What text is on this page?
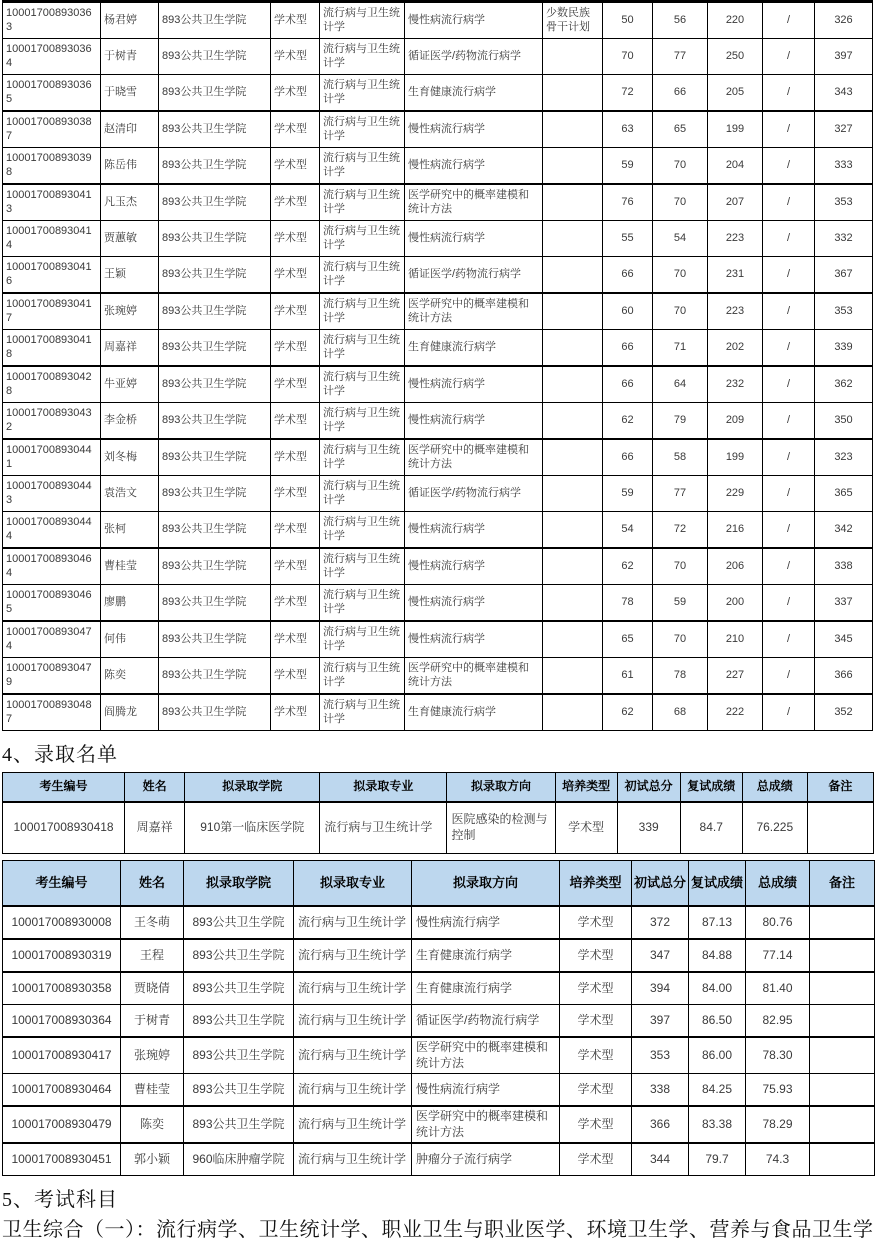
100017008930363	杨君婷	893公共卫生学院	学术型	流行病与卫生统计学	慢性病流行病学	少数民族骨干计划	50	56	220	/	326
100017008930364	于树青	893公共卫生学院	学术型	流行病与卫生统计学	循证医学/药物流行病学		70	77	250	/	397
100017008930365	于晓雪	893公共卫生学院	学术型	流行病与卫生统计学	生育健康流行病学		72	66	205	/	343
100017008930387	赵清印	893公共卫生学院	学术型	流行病与卫生统计学	慢性病流行病学		63	65	199	/	327
100017008930398	陈岳伟	893公共卫生学院	学术型	流行病与卫生统计学	慢性病流行病学		59	70	204	/	333
100017008930413	凡玉杰	893公共卫生学院	学术型	流行病与卫生统计学	医学研究中的概率建模和统计方法		76	70	207	/	353
100017008930414	贾蕙敏	893公共卫生学院	学术型	流行病与卫生统计学	慢性病流行病学		55	54	223	/	332
100017008930416	王颖	893公共卫生学院	学术型	流行病与卫生统计学	循证医学/药物流行病学		66	70	231	/	367
100017008930417	张琬婷	893公共卫生学院	学术型	流行病与卫生统计学	医学研究中的概率建模和统计方法		60	70	223	/	353
100017008930418	周嘉祥	893公共卫生学院	学术型	流行病与卫生统计学	生育健康流行病学		66	71	202	/	339
100017008930428	牛亚婷	893公共卫生学院	学术型	流行病与卫生统计学	慢性病流行病学		66	64	232	/	362
100017008930432	李金桥	893公共卫生学院	学术型	流行病与卫生统计学	慢性病流行病学		62	79	209	/	350
100017008930441	刘冬梅	893公共卫生学院	学术型	流行病与卫生统计学	医学研究中的概率建模和统计方法		66	58	199	/	323
100017008930443	袁浩文	893公共卫生学院	学术型	流行病与卫生统计学	循证医学/药物流行病学		59	77	229	/	365
100017008930444	张柯	893公共卫生学院	学术型	流行病与卫生统计学	慢性病流行病学		54	72	216	/	342
100017008930464	曹桂莹	893公共卫生学院	学术型	流行病与卫生统计学	慢性病流行病学		62	70	206	/	338
100017008930465	廖鹏	893公共卫生学院	学术型	流行病与卫生统计学	慢性病流行病学		78	59	200	/	337
100017008930474	何伟	893公共卫生学院	学术型	流行病与卫生统计学	慢性病流行病学		65	70	210	/	345
100017008930479	陈奕	893公共卫生学院	学术型	流行病与卫生统计学	医学研究中的概率建模和统计方法		61	78	227	/	366
100017008930487	阎腾龙	893公共卫生学院	学术型	流行病与卫生统计学	生育健康流行病学		62	68	222	/	352
4、录取名单
考生编号	姓名	拟录取学院	拟录取专业	拟录取方向	培养类型	初试总分	复试成绩	总成绩	备注
100017008930418	周嘉祥	910第一临床医学院	流行病与卫生统计学	医院感染的检测与控制	学术型	339	84.7	76.225	
考生编号	姓名	拟录取学院	拟录取专业	拟录取方向	培养类型	初试总分	复试成绩	总成绩	备注
100017008930008	王冬萌	893公共卫生学院	流行病与卫生统计学	慢性病流行病学	学术型	372	87.13	80.76	
100017008930319	王程	893公共卫生学院	流行病与卫生统计学	生育健康流行病学	学术型	347	84.88	77.14	
100017008930358	贾晓倩	893公共卫生学院	流行病与卫生统计学	生育健康流行病学	学术型	394	84.00	81.40	
100017008930364	于树青	893公共卫生学院	流行病与卫生统计学	循证医学/药物流行病学	学术型	397	86.50	82.95	
100017008930417	张琬婷	893公共卫生学院	流行病与卫生统计学	医学研究中的概率建模和统计方法	学术型	353	86.00	78.30	
100017008930464	曹桂莹	893公共卫生学院	流行病与卫生统计学	慢性病流行病学	学术型	338	84.25	75.93	
100017008930479	陈奕	893公共卫生学院	流行病与卫生统计学	医学研究中的概率建模和统计方法	学术型	366	83.38	78.29	
100017008930451	郭小颖	960临床肿瘤学院	流行病与卫生统计学	肿瘤分子流行病学	学术型	344	79.7	74.3	
5、考试科目

卫生综合（一）：流行病学、卫生统计学、职业卫生与职业医学、环境卫生学、营养与食品卫生学
